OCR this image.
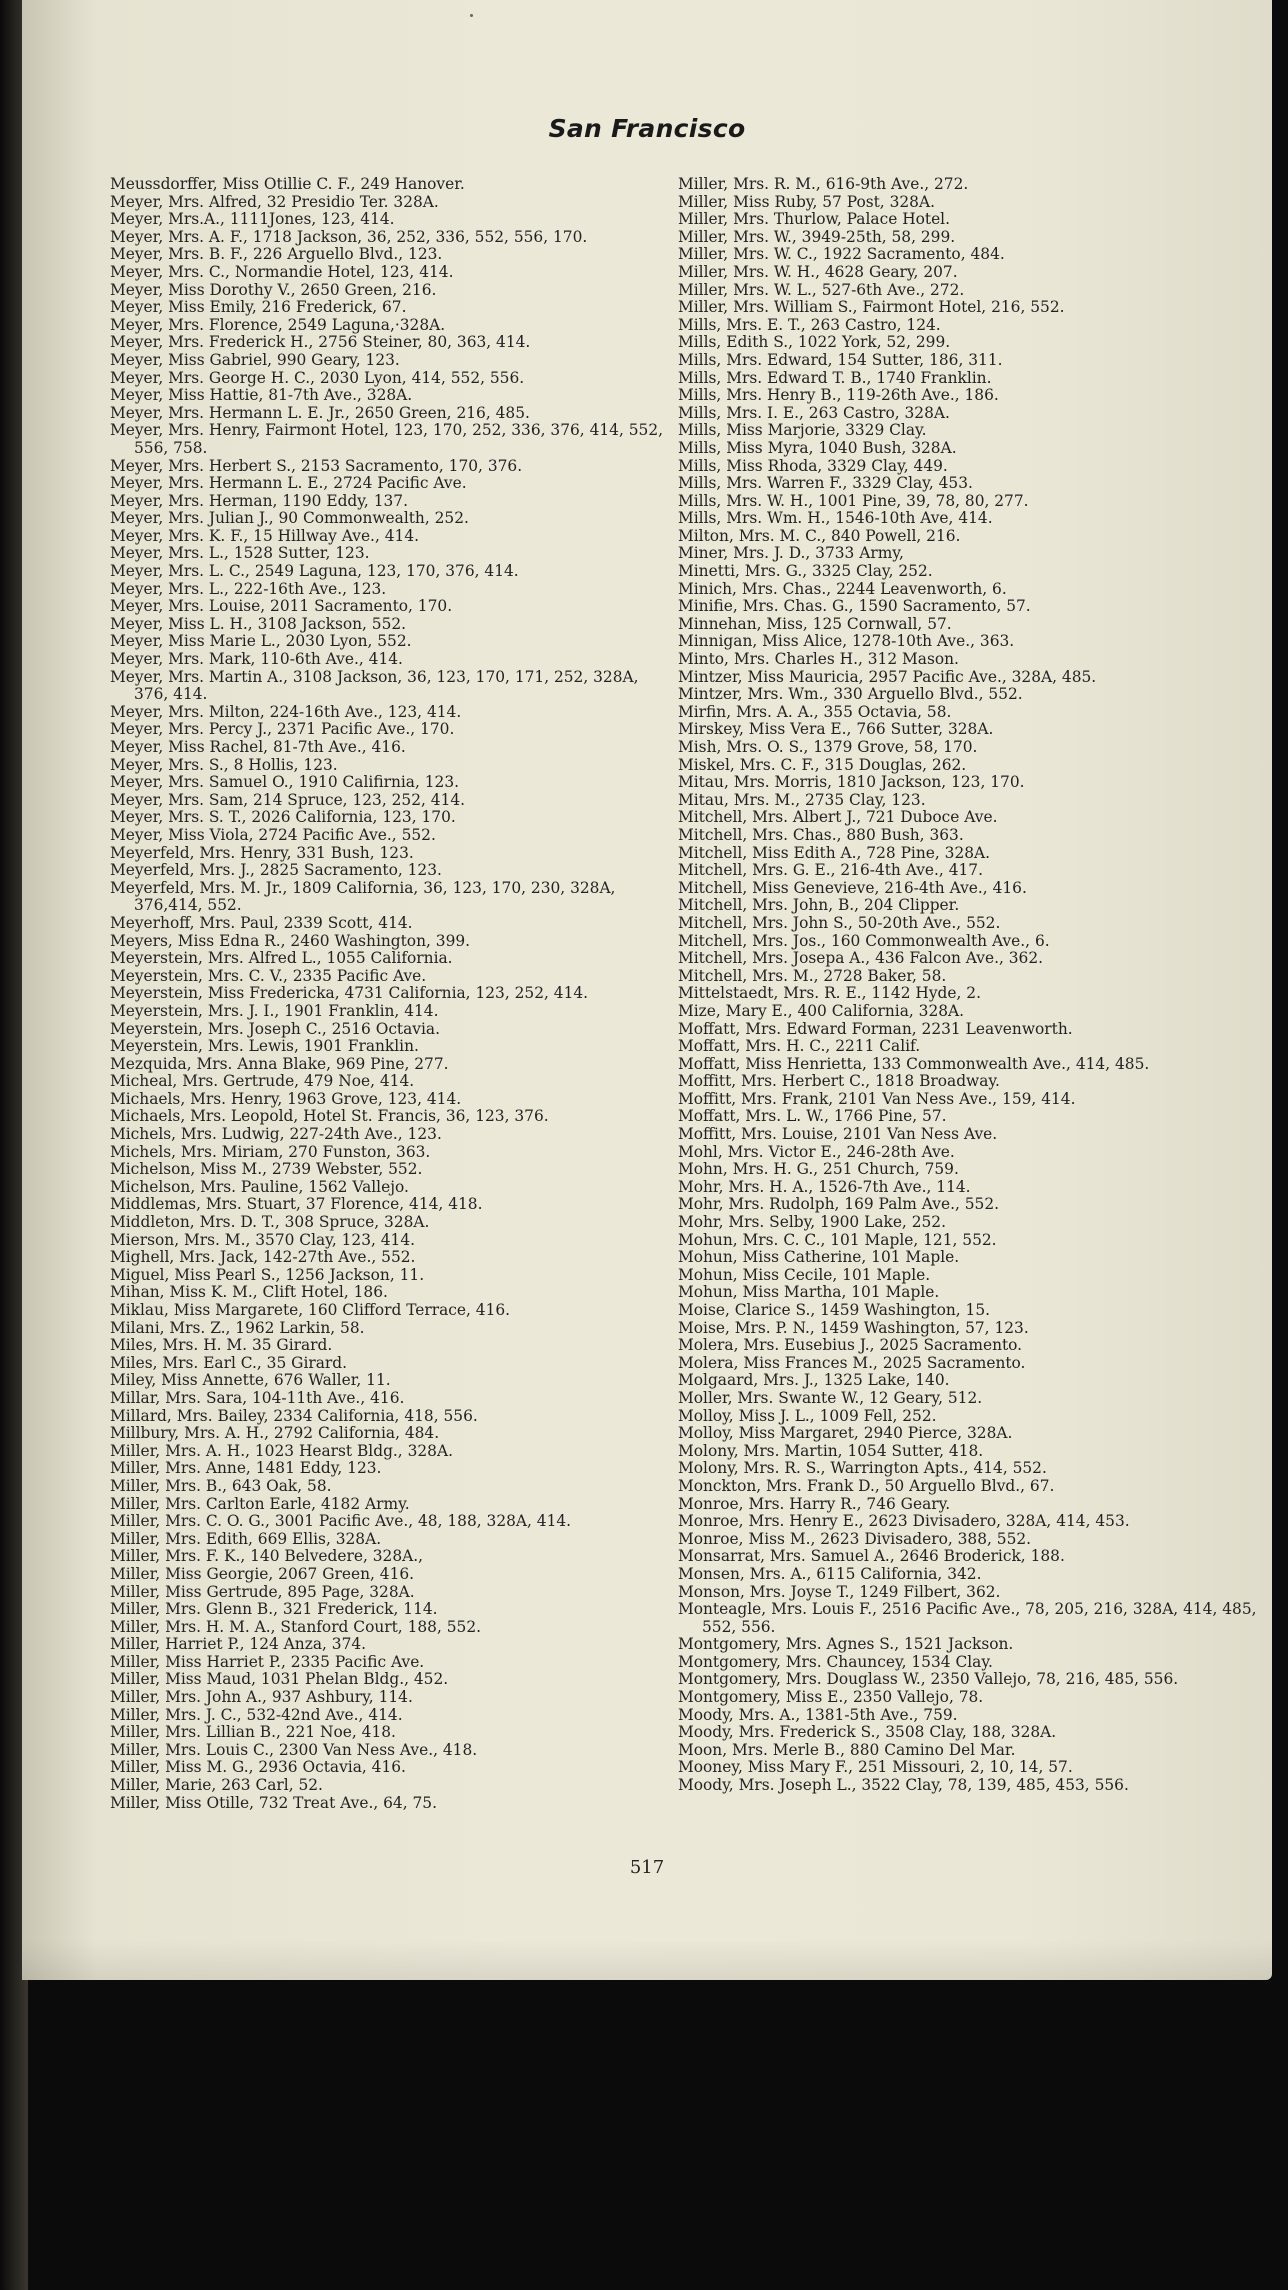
San Francisco
Meussdorffer, Miss Otillie C. F., 249 Hanover.
Meyer, Mrs. Alfred, 32 Presidio Ter. 328A.
Meyer, Mrs.A., 1111Jones, 123, 414.
Meyer, Mrs. A. F., 1718 Jackson, 36, 252, 336, 552, 556, 170.
Meyer, Mrs. B. F., 226 Arguello Blvd., 123.
Meyer, Mrs. C., Normandie Hotel, 123, 414.
Meyer, Miss Dorothy V., 2650 Green, 216.
Meyer, Miss Emily, 216 Frederick, 67.
Meyer, Mrs. Florence, 2549 Laguna,·328A.
Meyer, Mrs. Frederick H., 2756 Steiner, 80, 363, 414.
Meyer, Miss Gabriel, 990 Geary, 123.
Meyer, Mrs. George H. C., 2030 Lyon, 414, 552, 556.
Meyer, Miss Hattie, 81-7th Ave., 328A.
Meyer, Mrs. Hermann L. E. Jr., 2650 Green, 216, 485.
Meyer, Mrs. Henry, Fairmont Hotel, 123, 170, 252, 336, 376, 414, 552, 556, 758.
Meyer, Mrs. Herbert S., 2153 Sacramento, 170, 376.
Meyer, Mrs. Hermann L. E., 2724 Pacific Ave.
Meyer, Mrs. Herman, 1190 Eddy, 137.
Meyer, Mrs. Julian J., 90 Commonwealth, 252.
Meyer, Mrs. K. F., 15 Hillway Ave., 414.
Meyer, Mrs. L., 1528 Sutter, 123.
Meyer, Mrs. L. C., 2549 Laguna, 123, 170, 376, 414.
Meyer, Mrs. L., 222-16th Ave., 123.
Meyer, Mrs. Louise, 2011 Sacramento, 170.
Meyer, Miss L. H., 3108 Jackson, 552.
Meyer, Miss Marie L., 2030 Lyon, 552.
Meyer, Mrs. Mark, 110-6th Ave., 414.
Meyer, Mrs. Martin A., 3108 Jackson, 36, 123, 170, 171, 252, 328A, 376, 414.
Meyer, Mrs. Milton, 224-16th Ave., 123, 414.
Meyer, Mrs. Percy J., 2371 Pacific Ave., 170.
Meyer, Miss Rachel, 81-7th Ave., 416.
Meyer, Mrs. S., 8 Hollis, 123.
Meyer, Mrs. Samuel O., 1910 Califirnia, 123.
Meyer, Mrs. Sam, 214 Spruce, 123, 252, 414.
Meyer, Mrs. S. T., 2026 California, 123, 170.
Meyer, Miss Viola, 2724 Pacific Ave., 552.
Meyerfeld, Mrs. Henry, 331 Bush, 123.
Meyerfeld, Mrs. J., 2825 Sacramento, 123.
Meyerfeld, Mrs. M. Jr., 1809 California, 36, 123, 170, 230, 328A, 376,414, 552.
Meyerhoff, Mrs. Paul, 2339 Scott, 414.
Meyers, Miss Edna R., 2460 Washington, 399.
Meyerstein, Mrs. Alfred L., 1055 California.
Meyerstein, Mrs. C. V., 2335 Pacific Ave.
Meyerstein, Miss Fredericka, 4731 California, 123, 252, 414.
Meyerstein, Mrs. J. I., 1901 Franklin, 414.
Meyerstein, Mrs. Joseph C., 2516 Octavia.
Meyerstein, Mrs. Lewis, 1901 Franklin.
Mezquida, Mrs. Anna Blake, 969 Pine, 277.
Micheal, Mrs. Gertrude, 479 Noe, 414.
Michaels, Mrs. Henry, 1963 Grove, 123, 414.
Michaels, Mrs. Leopold, Hotel St. Francis, 36, 123, 376.
Michels, Mrs. Ludwig, 227-24th Ave., 123.
Michels, Mrs. Miriam, 270 Funston, 363.
Michelson, Miss M., 2739 Webster, 552.
Michelson, Mrs. Pauline, 1562 Vallejo.
Middlemas, Mrs. Stuart, 37 Florence, 414, 418.
Middleton, Mrs. D. T., 308 Spruce, 328A.
Mierson, Mrs. M., 3570 Clay, 123, 414.
Mighell, Mrs. Jack, 142-27th Ave., 552.
Miguel, Miss Pearl S., 1256 Jackson, 11.
Mihan, Miss K. M., Clift Hotel, 186.
Miklau, Miss Margarete, 160 Clifford Terrace, 416.
Milani, Mrs. Z., 1962 Larkin, 58.
Miles, Mrs. H. M. 35 Girard.
Miles, Mrs. Earl C., 35 Girard.
Miley, Miss Annette, 676 Waller, 11.
Millar, Mrs. Sara, 104-11th Ave., 416.
Millard, Mrs. Bailey, 2334 California, 418, 556.
Millbury, Mrs. A. H., 2792 California, 484.
Miller, Mrs. A. H., 1023 Hearst Bldg., 328A.
Miller, Mrs. Anne, 1481 Eddy, 123.
Miller, Mrs. B., 643 Oak, 58.
Miller, Mrs. Carlton Earle, 4182 Army.
Miller, Mrs. C. O. G., 3001 Pacific Ave., 48, 188, 328A, 414.
Miller, Mrs. Edith, 669 Ellis, 328A.
Miller, Mrs. F. K., 140 Belvedere, 328A.,
Miller, Miss Georgie, 2067 Green, 416.
Miller, Miss Gertrude, 895 Page, 328A.
Miller, Mrs. Glenn B., 321 Frederick, 114.
Miller, Mrs. H. M. A., Stanford Court, 188, 552.
Miller, Harriet P., 124 Anza, 374.
Miller, Miss Harriet P., 2335 Pacific Ave.
Miller, Miss Maud, 1031 Phelan Bldg., 452.
Miller, Mrs. John A., 937 Ashbury, 114.
Miller, Mrs. J. C., 532-42nd Ave., 414.
Miller, Mrs. Lillian B., 221 Noe, 418.
Miller, Mrs. Louis C., 2300 Van Ness Ave., 418.
Miller, Miss M. G., 2936 Octavia, 416.
Miller, Marie, 263 Carl, 52.
Miller, Miss Otille, 732 Treat Ave., 64, 75.
Miller, Mrs. R. M., 616-9th Ave., 272.
Miller, Miss Ruby, 57 Post, 328A.
Miller, Mrs. Thurlow, Palace Hotel.
Miller, Mrs. W., 3949-25th, 58, 299.
Miller, Mrs. W. C., 1922 Sacramento, 484.
Miller, Mrs. W. H., 4628 Geary, 207.
Miller, Mrs. W. L., 527-6th Ave., 272.
Miller, Mrs. William S., Fairmont Hotel, 216, 552.
Mills, Mrs. E. T., 263 Castro, 124.
Mills, Edith S., 1022 York, 52, 299.
Mills, Mrs. Edward, 154 Sutter, 186, 311.
Mills, Mrs. Edward T. B., 1740 Franklin.
Mills, Mrs. Henry B., 119-26th Ave., 186.
Mills, Mrs. I. E., 263 Castro, 328A.
Mills, Miss Marjorie, 3329 Clay.
Mills, Miss Myra, 1040 Bush, 328A.
Mills, Miss Rhoda, 3329 Clay, 449.
Mills, Mrs. Warren F., 3329 Clay, 453.
Mills, Mrs. W. H., 1001 Pine, 39, 78, 80, 277.
Mills, Mrs. Wm. H., 1546-10th Ave, 414.
Milton, Mrs. M. C., 840 Powell, 216.
Miner, Mrs. J. D., 3733 Army,
Minetti, Mrs. G., 3325 Clay, 252.
Minich, Mrs. Chas., 2244 Leavenworth, 6.
Minifie, Mrs. Chas. G., 1590 Sacramento, 57.
Minnehan, Miss, 125 Cornwall, 57.
Minnigan, Miss Alice, 1278-10th Ave., 363.
Minto, Mrs. Charles H., 312 Mason.
Mintzer, Miss Mauricia, 2957 Pacific Ave., 328A, 485.
Mintzer, Mrs. Wm., 330 Arguello Blvd., 552.
Mirfin, Mrs. A. A., 355 Octavia, 58.
Mirskey, Miss Vera E., 766 Sutter, 328A.
Mish, Mrs. O. S., 1379 Grove, 58, 170.
Miskel, Mrs. C. F., 315 Douglas, 262.
Mitau, Mrs. Morris, 1810 Jackson, 123, 170.
Mitau, Mrs. M., 2735 Clay, 123.
Mitchell, Mrs. Albert J., 721 Duboce Ave.
Mitchell, Mrs. Chas., 880 Bush, 363.
Mitchell, Miss Edith A., 728 Pine, 328A.
Mitchell, Mrs. G. E., 216-4th Ave., 417.
Mitchell, Miss Genevieve, 216-4th Ave., 416.
Mitchell, Mrs. John, B., 204 Clipper.
Mitchell, Mrs. John S., 50-20th Ave., 552.
Mitchell, Mrs. Jos., 160 Commonwealth Ave., 6.
Mitchell, Mrs. Josepa A., 436 Falcon Ave., 362.
Mitchell, Mrs. M., 2728 Baker, 58.
Mittelstaedt, Mrs. R. E., 1142 Hyde, 2.
Mize, Mary E., 400 California, 328A.
Moffatt, Mrs. Edward Forman, 2231 Leavenworth.
Moffatt, Mrs. H. C., 2211 Calif.
Moffatt, Miss Henrietta, 133 Commonwealth Ave., 414, 485.
Moffitt, Mrs. Herbert C., 1818 Broadway.
Moffitt, Mrs. Frank, 2101 Van Ness Ave., 159, 414.
Moffatt, Mrs. L. W., 1766 Pine, 57.
Moffitt, Mrs. Louise, 2101 Van Ness Ave.
Mohl, Mrs. Victor E., 246-28th Ave.
Mohn, Mrs. H. G., 251 Church, 759.
Mohr, Mrs. H. A., 1526-7th Ave., 114.
Mohr, Mrs. Rudolph, 169 Palm Ave., 552.
Mohr, Mrs. Selby, 1900 Lake, 252.
Mohun, Mrs. C. C., 101 Maple, 121, 552.
Mohun, Miss Catherine, 101 Maple.
Mohun, Miss Cecile, 101 Maple.
Mohun, Miss Martha, 101 Maple.
Moise, Clarice S., 1459 Washington, 15.
Moise, Mrs. P. N., 1459 Washington, 57, 123.
Molera, Mrs. Eusebius J., 2025 Sacramento.
Molera, Miss Frances M., 2025 Sacramento.
Molgaard, Mrs. J., 1325 Lake, 140.
Moller, Mrs. Swante W., 12 Geary, 512.
Molloy, Miss J. L., 1009 Fell, 252.
Molloy, Miss Margaret, 2940 Pierce, 328A.
Molony, Mrs. Martin, 1054 Sutter, 418.
Molony, Mrs. R. S., Warrington Apts., 414, 552.
Monckton, Mrs. Frank D., 50 Arguello Blvd., 67.
Monroe, Mrs. Harry R., 746 Geary.
Monroe, Mrs. Henry E., 2623 Divisadero, 328A, 414, 453.
Monroe, Miss M., 2623 Divisadero, 388, 552.
Monsarrat, Mrs. Samuel A., 2646 Broderick, 188.
Monsen, Mrs. A., 6115 California, 342.
Monson, Mrs. Joyse T., 1249 Filbert, 362.
Monteagle, Mrs. Louis F., 2516 Pacific Ave., 78, 205, 216, 328A, 414, 485, 552, 556.
Montgomery, Mrs. Agnes S., 1521 Jackson.
Montgomery, Mrs. Chauncey, 1534 Clay.
Montgomery, Mrs. Douglass W., 2350 Vallejo, 78, 216, 485, 556.
Montgomery, Miss E., 2350 Vallejo, 78.
Moody, Mrs. A., 1381-5th Ave., 759.
Moody, Mrs. Frederick S., 3508 Clay, 188, 328A.
Moon, Mrs. Merle B., 880 Camino Del Mar.
Mooney, Miss Mary F., 251 Missouri, 2, 10, 14, 57.
Moody, Mrs. Joseph L., 3522 Clay, 78, 139, 485, 453, 556.
517
